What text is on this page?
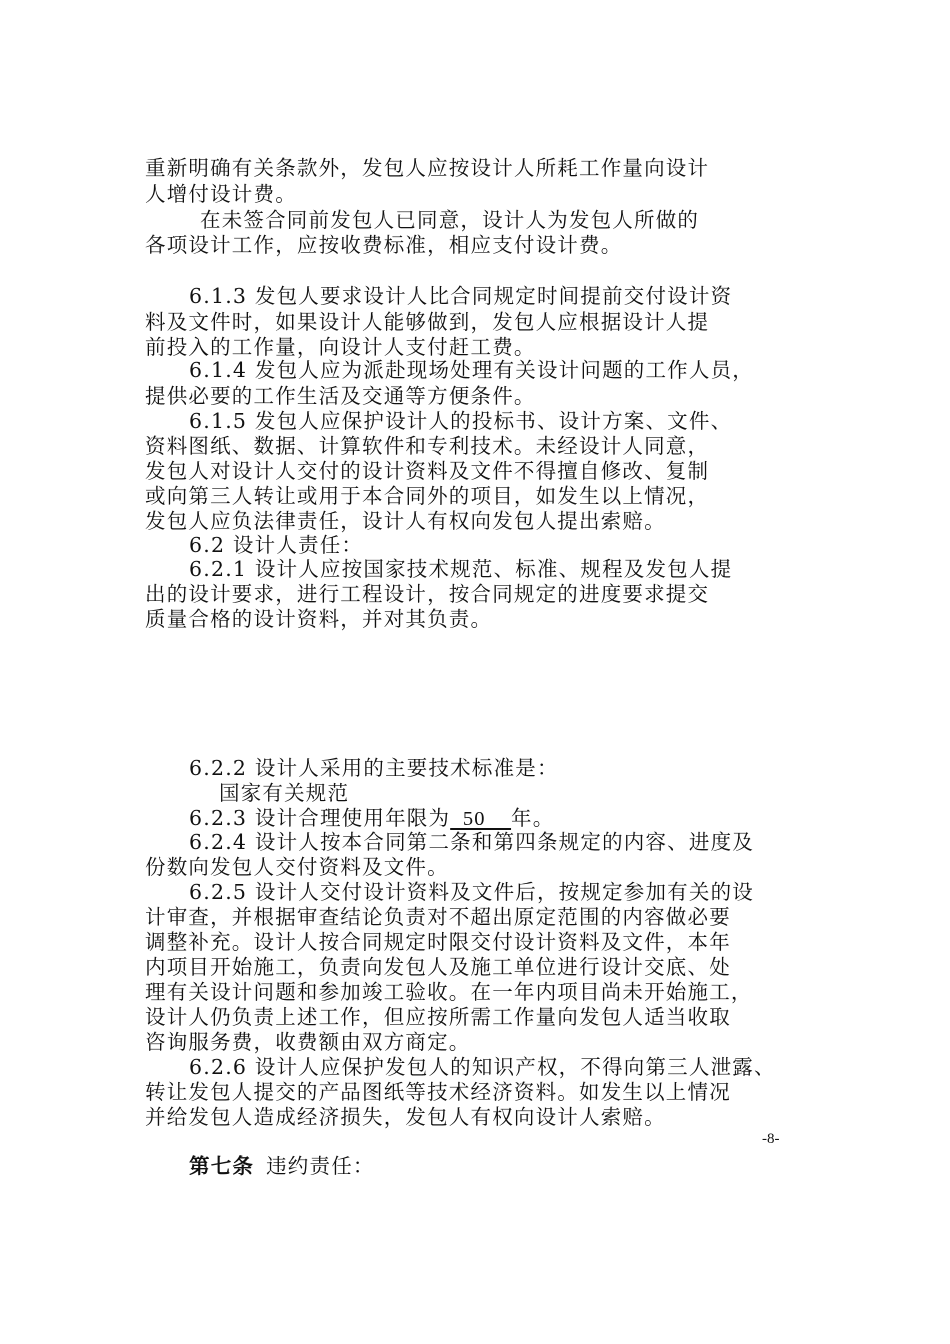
重新明确有关条款外，发包人应按设计人所耗工作量向设计
人增付设计费。
在未签合同前发包人已同意，设计人为发包人所做的
各项设计工作，应按收费标准，相应支付设计费。
6.1.3 发包人要求设计人比合同规定时间提前交付设计资
料及文件时，如果设计人能够做到，发包人应根据设计人提
前投入的工作量，向设计人支付赶工费。
6.1.4 发包人应为派赴现场处理有关设计问题的工作人员，
提供必要的工作生活及交通等方便条件。
6.1.5 发包人应保护设计人的投标书、设计方案、文件、
资料图纸、数据、计算软件和专利技术。未经设计人同意，
发包人对设计人交付的设计资料及文件不得擅自修改、复制
或向第三人转让或用于本合同外的项目，如发生以上情况，
发包人应负法律责任，设计人有权向发包人提出索赔。
6.2 设计人责任：
6.2.1 设计人应按国家技术规范、标准、规程及发包人提
出的设计要求，进行工程设计，按合同规定的进度要求提交
质量合格的设计资料，并对其负责。
6.2.2 设计人采用的主要技术标准是：
国家有关规范
6.2.3 设计合理使用年限为  50    年。
6.2.4 设计人按本合同第二条和第四条规定的内容、进度及
份数向发包人交付资料及文件。
6.2.5 设计人交付设计资料及文件后，按规定参加有关的设
计审查，并根据审查结论负责对不超出原定范围的内容做必要
调整补充。设计人按合同规定时限交付设计资料及文件，本年
内项目开始施工，负责向发包人及施工单位进行设计交底、处
理有关设计问题和参加竣工验收。在一年内项目尚未开始施工，
设计人仍负责上述工作，但应按所需工作量向发包人适当收取
咨询服务费，收费额由双方商定。
6.2.6 设计人应保护发包人的知识产权，不得向第三人泄露、
转让发包人提交的产品图纸等技术经济资料。如发生以上情况
并给发包人造成经济损失，发包人有权向设计人索赔。
-8-
第七条 违约责任：
